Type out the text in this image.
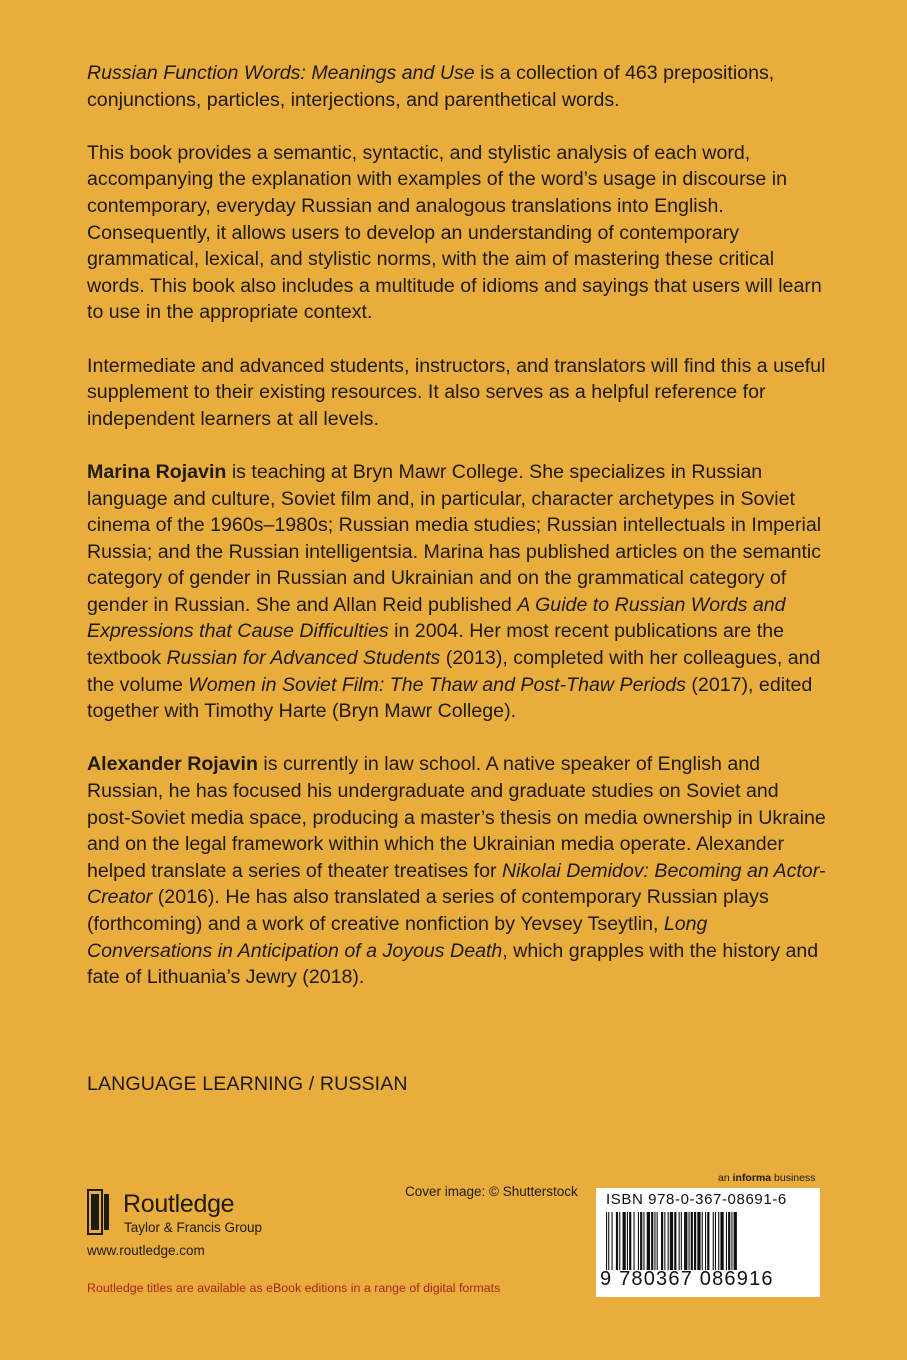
Russian Function Words: Meanings and Use is a collection of 463 prepositions, conjunctions, particles, interjections, and parenthetical words.

This book provides a semantic, syntactic, and stylistic analysis of each word, accompanying the explanation with examples of the word’s usage in discourse in contemporary, everyday Russian and analogous translations into English. Consequently, it allows users to develop an understanding of contemporary grammatical, lexical, and stylistic norms, with the aim of mastering these critical words. This book also includes a multitude of idioms and sayings that users will learn to use in the appropriate context.

Intermediate and advanced students, instructors, and translators will find this a useful supplement to their existing resources. It also serves as a helpful reference for independent learners at all levels.

Marina Rojavin is teaching at Bryn Mawr College. She specializes in Russian language and culture, Soviet film and, in particular, character archetypes in Soviet cinema of the 1960s–1980s; Russian media studies; Russian intellectuals in Imperial Russia; and the Russian intelligentsia. Marina has published articles on the semantic category of gender in Russian and Ukrainian and on the grammatical category of gender in Russian. She and Allan Reid published A Guide to Russian Words and Expressions that Cause Difficulties in 2004. Her most recent publications are the textbook Russian for Advanced Students (2013), completed with her colleagues, and the volume Women in Soviet Film: The Thaw and Post-Thaw Periods (2017), edited together with Timothy Harte (Bryn Mawr College).

Alexander Rojavin is currently in law school. A native speaker of English and Russian, he has focused his undergraduate and graduate studies on Soviet and post-Soviet media space, producing a master’s thesis on media ownership in Ukraine and on the legal framework within which the Ukrainian media operate. Alexander helped translate a series of theater treatises for Nikolai Demidov: Becoming an Actor-Creator (2016). He has also translated a series of contemporary Russian plays (forthcoming) and a work of creative nonfiction by Yevsey Tseytlin, Long Conversations in Anticipation of a Joyous Death, which grapples with the history and fate of Lithuania’s Jewry (2018).

LANGUAGE LEARNING / RUSSIAN
Routledge
Taylor & Francis Group
www.routledge.com
Routledge titles are available as eBook editions in a range of digital formats
Cover image: © Shutterstock
an informa business
ISBN 978-0-367-08691-6
9 780367 086916
